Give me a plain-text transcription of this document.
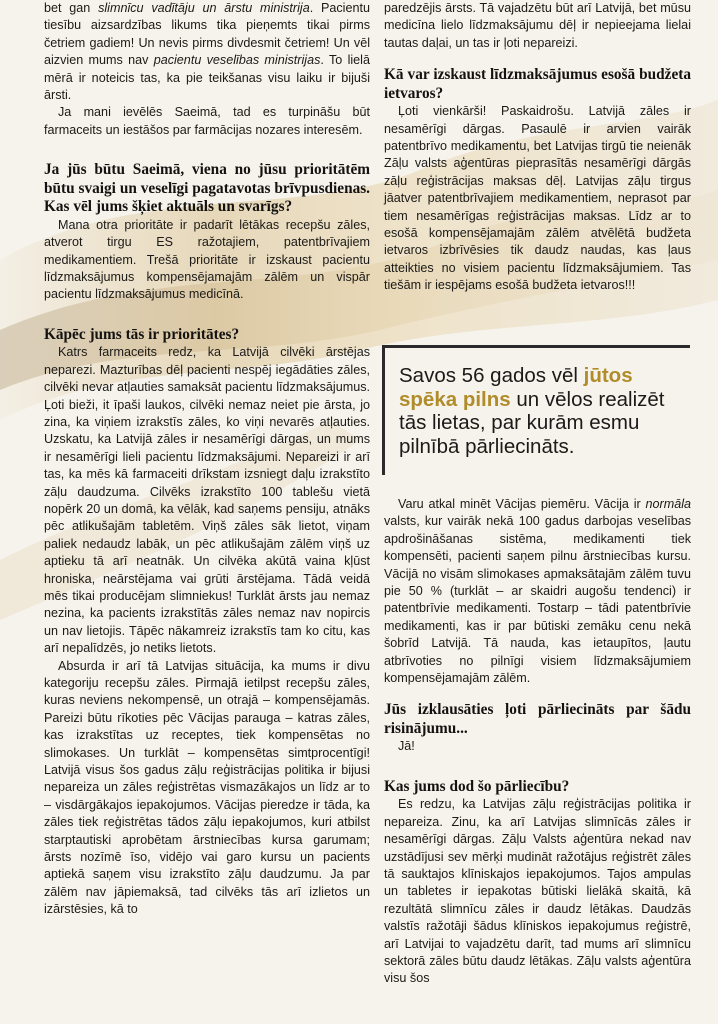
bet gan slimnīcu vadītāju un ārstu ministrija. Pacientu tiesību aizsardzības likums tika pieņemts tikai pirms četriem gadiem! Un nevis pirms divdesmit četriem! Un vēl aizvien mums nav pacientu veselības ministrijas. To lielā mērā ir noteicis tas, ka pie teikšanas visu laiku ir bijuši ārsti.

Ja mani ievēlēs Saeimā, tad es turpināšu būt farmaceits un iestāšos par farmācijas nozares interesēm.

Ja jūs būtu Saeimā, viena no jūsu prioritātēm būtu svaigi un veselīgi pagatavotas brīvpusdienas. Kas vēl jums šķiet aktuāls un svarīgs?

Mana otra prioritāte ir padarīt lētākas recepšu zāles, atverot tirgu ES ražotajiem, patentbrīvajiem medikamentiem. Trešā prioritāte ir izskaust pacientu līdzmaksājumus kompensējamajām zālēm un vispār pacientu līdzmaksājumus medicīnā.

Kāpēc jums tās ir prioritātes?

Katrs farmaceits redz, ka Latvijā cilvēki ārstējas neparezi. Mazturības dēļ pacienti nespēj iegādāties zāles, cilvēki nevar atļauties samaksāt pacientu līdzmaksājumus. Ļoti bieži, it īpaši laukos, cilvēki nemaz neiet pie ārsta, jo zina, ka viņiem izrakstīs zāles, ko viņi nevarēs atļauties. Uzskatu, ka Latvijā zāles ir nesamērīgi dārgas, un mums ir nesamērīgi lieli pacientu līdzmaksājumi. Nepareizi ir arī tas, ka mēs kā farmaceiti drīkstam izsniegt daļu izrakstīto zāļu daudzuma. Cilvēks izrakstīto 100 tablešu vietā nopērk 20 un domā, ka vēlāk, kad saņems pensiju, atnāks pēc atlikušajām tabletēm. Viņš zāles sāk lietot, viņam paliek nedaudz labāk, un pēc atlikušajām zālēm viņš uz aptieku tā arī neatnāk. Un cilvēka akūtā vaina kļūst hroniska, neārstējama vai grūti ārstējama. Tādā veidā mēs tikai producējam slimniekus! Turklāt ārsts jau nemaz nezina, ka pacients izrakstītās zāles nemaz nav nopircis un nav lietojis. Tāpēc nākamreiz izrakstīs tam ko citu, kas arī nepalīdzēs, jo netiks lietots.

Absurda ir arī tā Latvijas situācija, ka mums ir divu kategoriju recepšu zāles. Pirmajā ietilpst recepšu zāles, kuras neviens nekompensē, un otrajā – kompensējamās. Pareizi būtu rīkoties pēc Vācijas parauga – katras zāles, kas izrakstītas uz receptes, tiek kompensētas no slimokases. Un turklāt – kompensētas simtprocentīgi! Latvijā visus šos gadus zāļu reģistrācijas politika ir bijusi nepareiza un zāles reģistrētas vismazākajos un līdz ar to – visdārgākajos iepakojumos. Vācijas pieredze ir tāda, ka zāles tiek reģistrētas tādos zāļu iepakojumos, kuri atbilst starptautiski aprobētam ārstniecības kursa garumam; ārsts nozīmē īso, vidējo vai garo kursu un pacients aptiekā saņem visu izrakstīto zāļu daudzumu. Ja par zālēm nav jāpiemaksā, tad cilvēks tās arī izlietos un izārstēsies, kā to

paredzējis ārsts. Tā vajadzētu būt arī Latvijā, bet mūsu medicīna lielo līdzmaksājumu dēļ ir nepieejama lielai tautas daļai, un tas ir ļoti nepareizi.

Kā var izskaust līdzmaksājumus esošā budžeta ietvaros?

Ļoti vienkārši! Paskaidrošu. Latvijā zāles ir nesamērīgi dārgas. Pasaulē ir arvien vairāk patentbrīvo medikamentu, bet Latvijas tirgū tie neienāk Zāļu valsts aģentūras pieprasītās nesamērīgi dārgās zāļu reģistrācijas maksas dēļ. Latvijas zāļu tirgus jāatver patentbrīvajiem medikamentiem, neprasot par tiem nesamērīgas reģistrācijas maksas. Līdz ar to esošā kompensējamajām zālēm atvēlētā budžeta ietvaros izbrīvēsies tik daudz naudas, kas ļaus atteikties no visiem pacientu līdzmaksājumiem. Tas tiešām ir iespējams esošā budžeta ietvaros!!!

Savos 56 gados vēl jūtos spēka pilns un vēlos realizēt tās lietas, par kurām esmu pilnībā pārliecināts.

Varu atkal minēt Vācijas piemēru. Vācija ir normāla valsts, kur vairāk nekā 100 gadus darbojas veselības apdrošināšanas sistēma, medikamenti tiek kompensēti, pacienti saņem pilnu ārstniecības kursu. Vācijā no visām slimokases apmaksātajām zālēm tuvu pie 50 % (turklāt – ar skaidri augošu tendenci) ir patentbrīvie medikamenti. Tostarp – tādi patentbrīvie medikamenti, kas ir par būtiski zemāku cenu nekā šobrīd Latvijā. Tā nauda, kas ietaupītos, ļautu atbrīvoties no pilnīgi visiem līdzmaksājumiem kompensējamajām zālēm.

Jūs izklausāties ļoti pārliecināts par šādu risinājumu...

Jā!

Kas jums dod šo pārliecību?

Es redzu, ka Latvijas zāļu reģistrācijas politika ir nepareiza. Zinu, ka arī Latvijas slimnīcās zāles ir nesamērīgi dārgas. Zāļu Valsts aģentūra nekad nav uzstādījusi sev mērķi mudināt ražotājus reģistrēt zāles tā sauktajos klīniskajos iepakojumos. Tajos ampulas un tabletes ir iepakotas būtiski lielākā skaitā, kā rezultātā slimnīcu zāles ir daudz lētākas. Daudzās valstīs ražotāji šādus klīniskos iepakojumus reģistrē, arī Latvijai to vajadzētu darīt, tad mums arī slimnīcu sektorā zāles būtu daudz lētākas. Zāļu valsts aģentūra visu šos
